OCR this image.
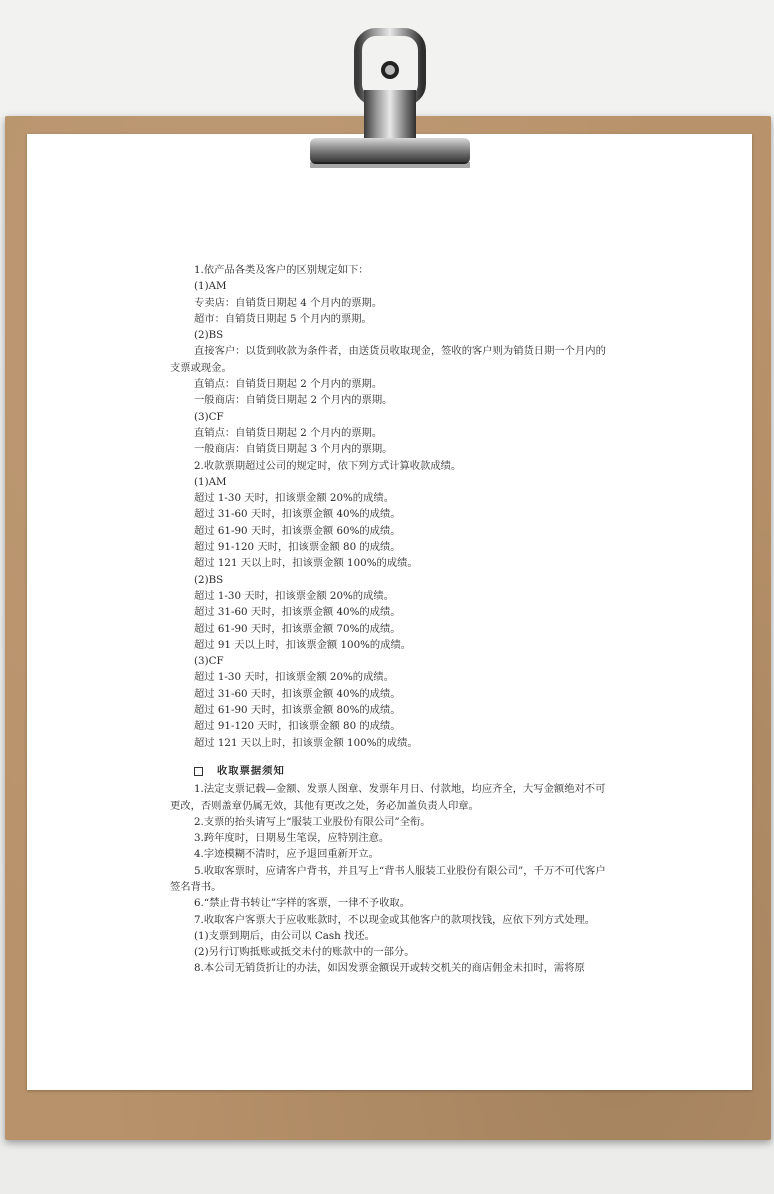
1.依产品各类及客户的区别规定如下：
(1)AM
专卖店：自销货日期起 4 个月内的票期。
超市：自销货日期起 5 个月内的票期。
(2)BS
直接客户：以货到收款为条件者，由送货员收取现金，签收的客户则为销货日期一个月内的支票或现金。
直销点：自销货日期起 2 个月内的票期。
一般商店：自销货日期起 2 个月内的票期。
(3)CF
直销点：自销货日期起 2 个月内的票期。
一般商店：自销货日期起 3 个月内的票期。
2.收款票期超过公司的规定时，依下列方式计算收款成绩。
(1)AM
超过 1-30 天时，扣该票金额 20%的成绩。
超过 31-60 天时，扣该票金额 40%的成绩。
超过 61-90 天时，扣该票金额 60%的成绩。
超过 91-120 天时，扣该票金额 80 的成绩。
超过 121 天以上时，扣该票金额 100%的成绩。
(2)BS
超过 1-30 天时，扣该票金额 20%的成绩。
超过 31-60 天时，扣该票金额 40%的成绩。
超过 61-90 天时，扣该票金额 70%的成绩。
超过 91 天以上时，扣该票金额 100%的成绩。
(3)CF
超过 1-30 天时，扣该票金额 20%的成绩。
超过 31-60 天时，扣该票金额 40%的成绩。
超过 61-90 天时，扣该票金额 80%的成绩。
超过 91-120 天时，扣该票金额 80 的成绩。
超过 121 天以上时，扣该票金额 100%的成绩。
收取票据须知
1.法定支票记载—金额、发票人图章、发票年月日、付款地，均应齐全，大写金额绝对不可更改，否则盖章仍属无效，其他有更改之处，务必加盖负责人印章。
2.支票的抬头请写上“服装工业股份有限公司”全衔。
3.跨年度时，日期易生笔误，应特别注意。
4.字迹模糊不清时，应予退回重新开立。
5.收取客票时，应请客户背书，并且写上“背书人服装工业股份有限公司”，千万不可代客户签名背书。
6.“禁止背书转让”字样的客票，一律不予收取。
7.收取客户客票大于应收账款时，不以现金或其他客户的款项找钱，应依下列方式处理。
(1)支票到期后，由公司以 Cash 找还。
(2)另行订购抵账或抵交未付的账款中的一部分。
8.本公司无销货折让的办法，如因发票金额误开或转交机关的商店佣金未扣时，需将原
